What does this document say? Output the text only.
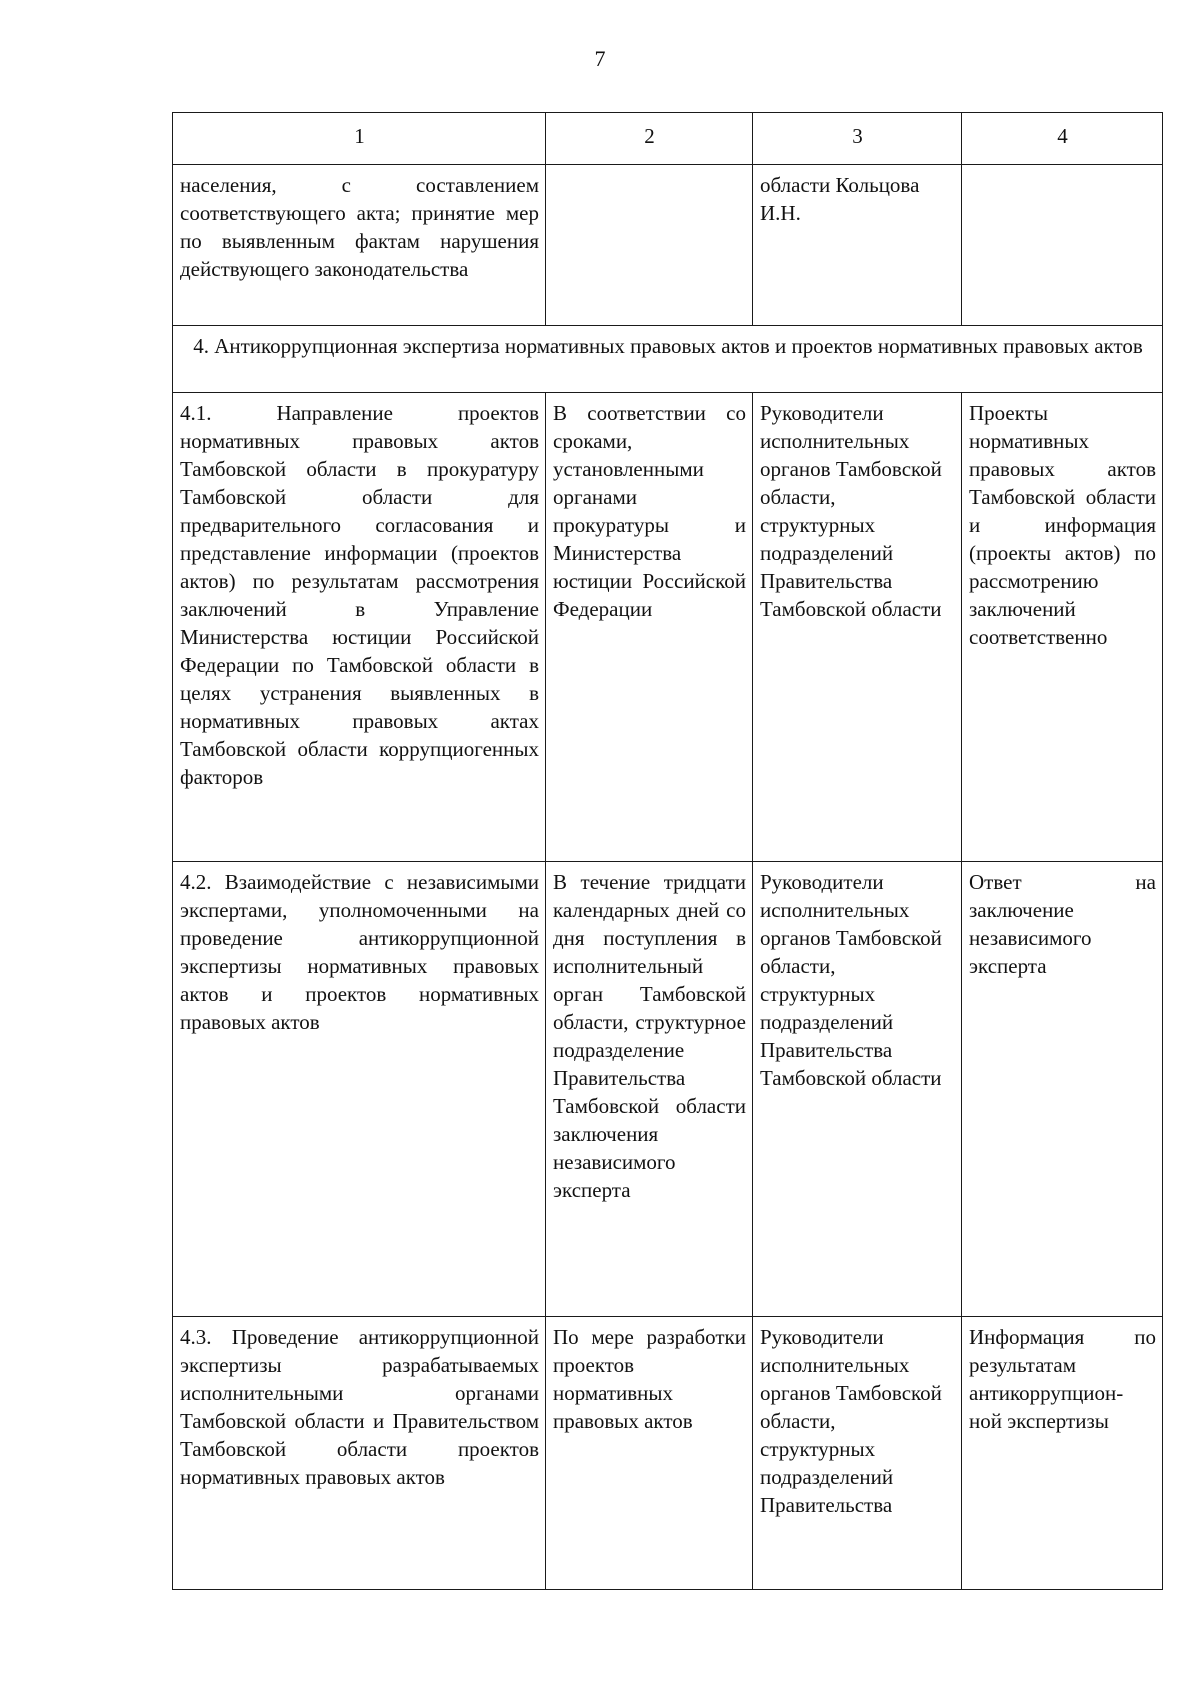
7
1	2	3	4
населения, с составлением соответствующего акта; принятие мер по выявленным фактам нарушения действующего законодательства		области Кольцова И.Н.	
4. Антикоррупционная экспертиза нормативных правовых актов и проектов нормативных правовых актов			
4.1. Направление проектов нормативных правовых актов Тамбовской области в прокуратуру Тамбовской области для предварительного согласования и представление информации (проектов актов) по результатам рассмотрения заключений в Управление Министерства юстиции Российской Федерации по Тамбовской области в целях устранения выявленных в нормативных правовых актах Тамбовской области коррупциогенных факторов	В соответствии со сроками, установленными органами прокуратуры и Министерства юстиции Российской Федерации	Руководители исполнительных органов Тамбовской области, структурных подразделений Правительства Тамбовской области	Проекты нормативных правовых актов Тамбовской области и информация (проекты актов) по рассмотрению заключений соответственно
4.2. Взаимодействие с независимыми экспертами, уполномоченными на проведение антикоррупционной экспертизы нормативных правовых актов и проектов нормативных правовых актов	В течение тридцати календарных дней со дня поступления в исполнительный орган Тамбовской области, структурное подразделение Правительства Тамбовской области заключения независимого эксперта	Руководители исполнительных органов Тамбовской области, структурных подразделений Правительства Тамбовской области	Ответ на заключение независимого эксперта
4.3. Проведение антикоррупционной экспертизы разрабатываемых исполнительными органами Тамбовской области и Правительством Тамбовской области проектов нормативных правовых актов	По мере разработки проектов нормативных правовых актов	Руководители исполнительных органов Тамбовской области, структурных подразделений Правительства	Информация по результатам антикоррупцион-ной экспертизы
